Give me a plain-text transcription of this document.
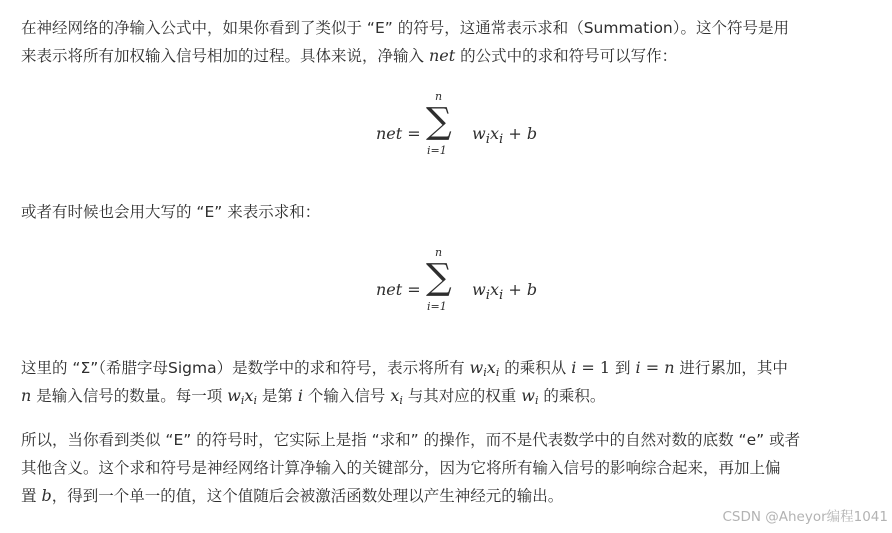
在神经网络的净输入公式中，如果你看到了类似于 “E” 的符号，这通常表示求和（Summation）。这个符号是用
来表示将所有加权输入信号相加的过程。具体来说，净输入 net 的公式中的求和符号可以写作：

net =
n
∑
i=1
$w_ix_i + b$

或者有时候也会用大写的 “E” 来表示求和：

net =
n
∑
i=1
$w_ix_i + b$

这里的 “Σ”（希腊字母Sigma）是数学中的求和符号，表示将所有 $w_ix_i$ 的乘积从 i = 1 到 i = n 进行累加，其中
n 是输入信号的数量。每一项 $w_ix_i$ 是第 i 个输入信号 $x_i$ 与其对应的权重 $w_i$ 的乘积。

所以，当你看到类似 “E” 的符号时，它实际上是指 “求和” 的操作，而不是代表数学中的自然对数的底数 “e” 或者
其他含义。这个求和符号是神经网络计算净输入的关键部分，因为它将所有输入信号的影响综合起来，再加上偏
置 b，得到一个单一的值，这个值随后会被激活函数处理以产生神经元的输出。

CSDN @Aheyor编程1041
